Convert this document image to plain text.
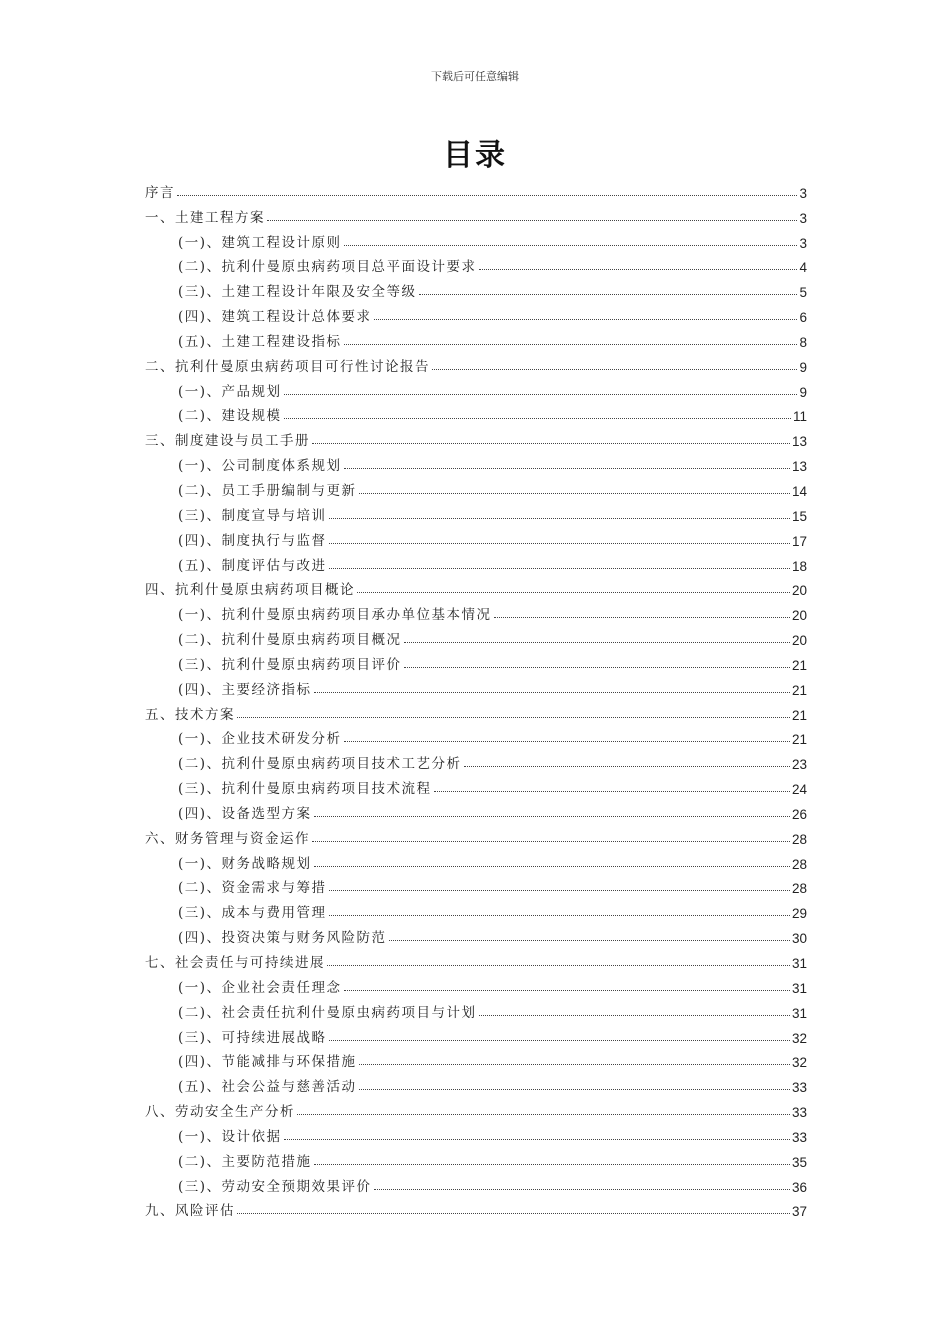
下载后可任意编辑
目录
序言	3
一、土建工程方案	3
(一)、建筑工程设计原则	3
(二)、抗利什曼原虫病药项目总平面设计要求	4
(三)、土建工程设计年限及安全等级	5
(四)、建筑工程设计总体要求	6
(五)、土建工程建设指标	8
二、抗利什曼原虫病药项目可行性讨论报告	9
(一)、产品规划	9
(二)、建设规模	11
三、制度建设与员工手册	13
(一)、公司制度体系规划	13
(二)、员工手册编制与更新	14
(三)、制度宣导与培训	15
(四)、制度执行与监督	17
(五)、制度评估与改进	18
四、抗利什曼原虫病药项目概论	20
(一)、抗利什曼原虫病药项目承办单位基本情况	20
(二)、抗利什曼原虫病药项目概况	20
(三)、抗利什曼原虫病药项目评价	21
(四)、主要经济指标	21
五、技术方案	21
(一)、企业技术研发分析	21
(二)、抗利什曼原虫病药项目技术工艺分析	23
(三)、抗利什曼原虫病药项目技术流程	24
(四)、设备选型方案	26
六、财务管理与资金运作	28
(一)、财务战略规划	28
(二)、资金需求与筹措	28
(三)、成本与费用管理	29
(四)、投资决策与财务风险防范	30
七、社会责任与可持续进展	31
(一)、企业社会责任理念	31
(二)、社会责任抗利什曼原虫病药项目与计划	31
(三)、可持续进展战略	32
(四)、节能减排与环保措施	32
(五)、社会公益与慈善活动	33
八、劳动安全生产分析	33
(一)、设计依据	33
(二)、主要防范措施	35
(三)、劳动安全预期效果评价	36
九、风险评估	37
